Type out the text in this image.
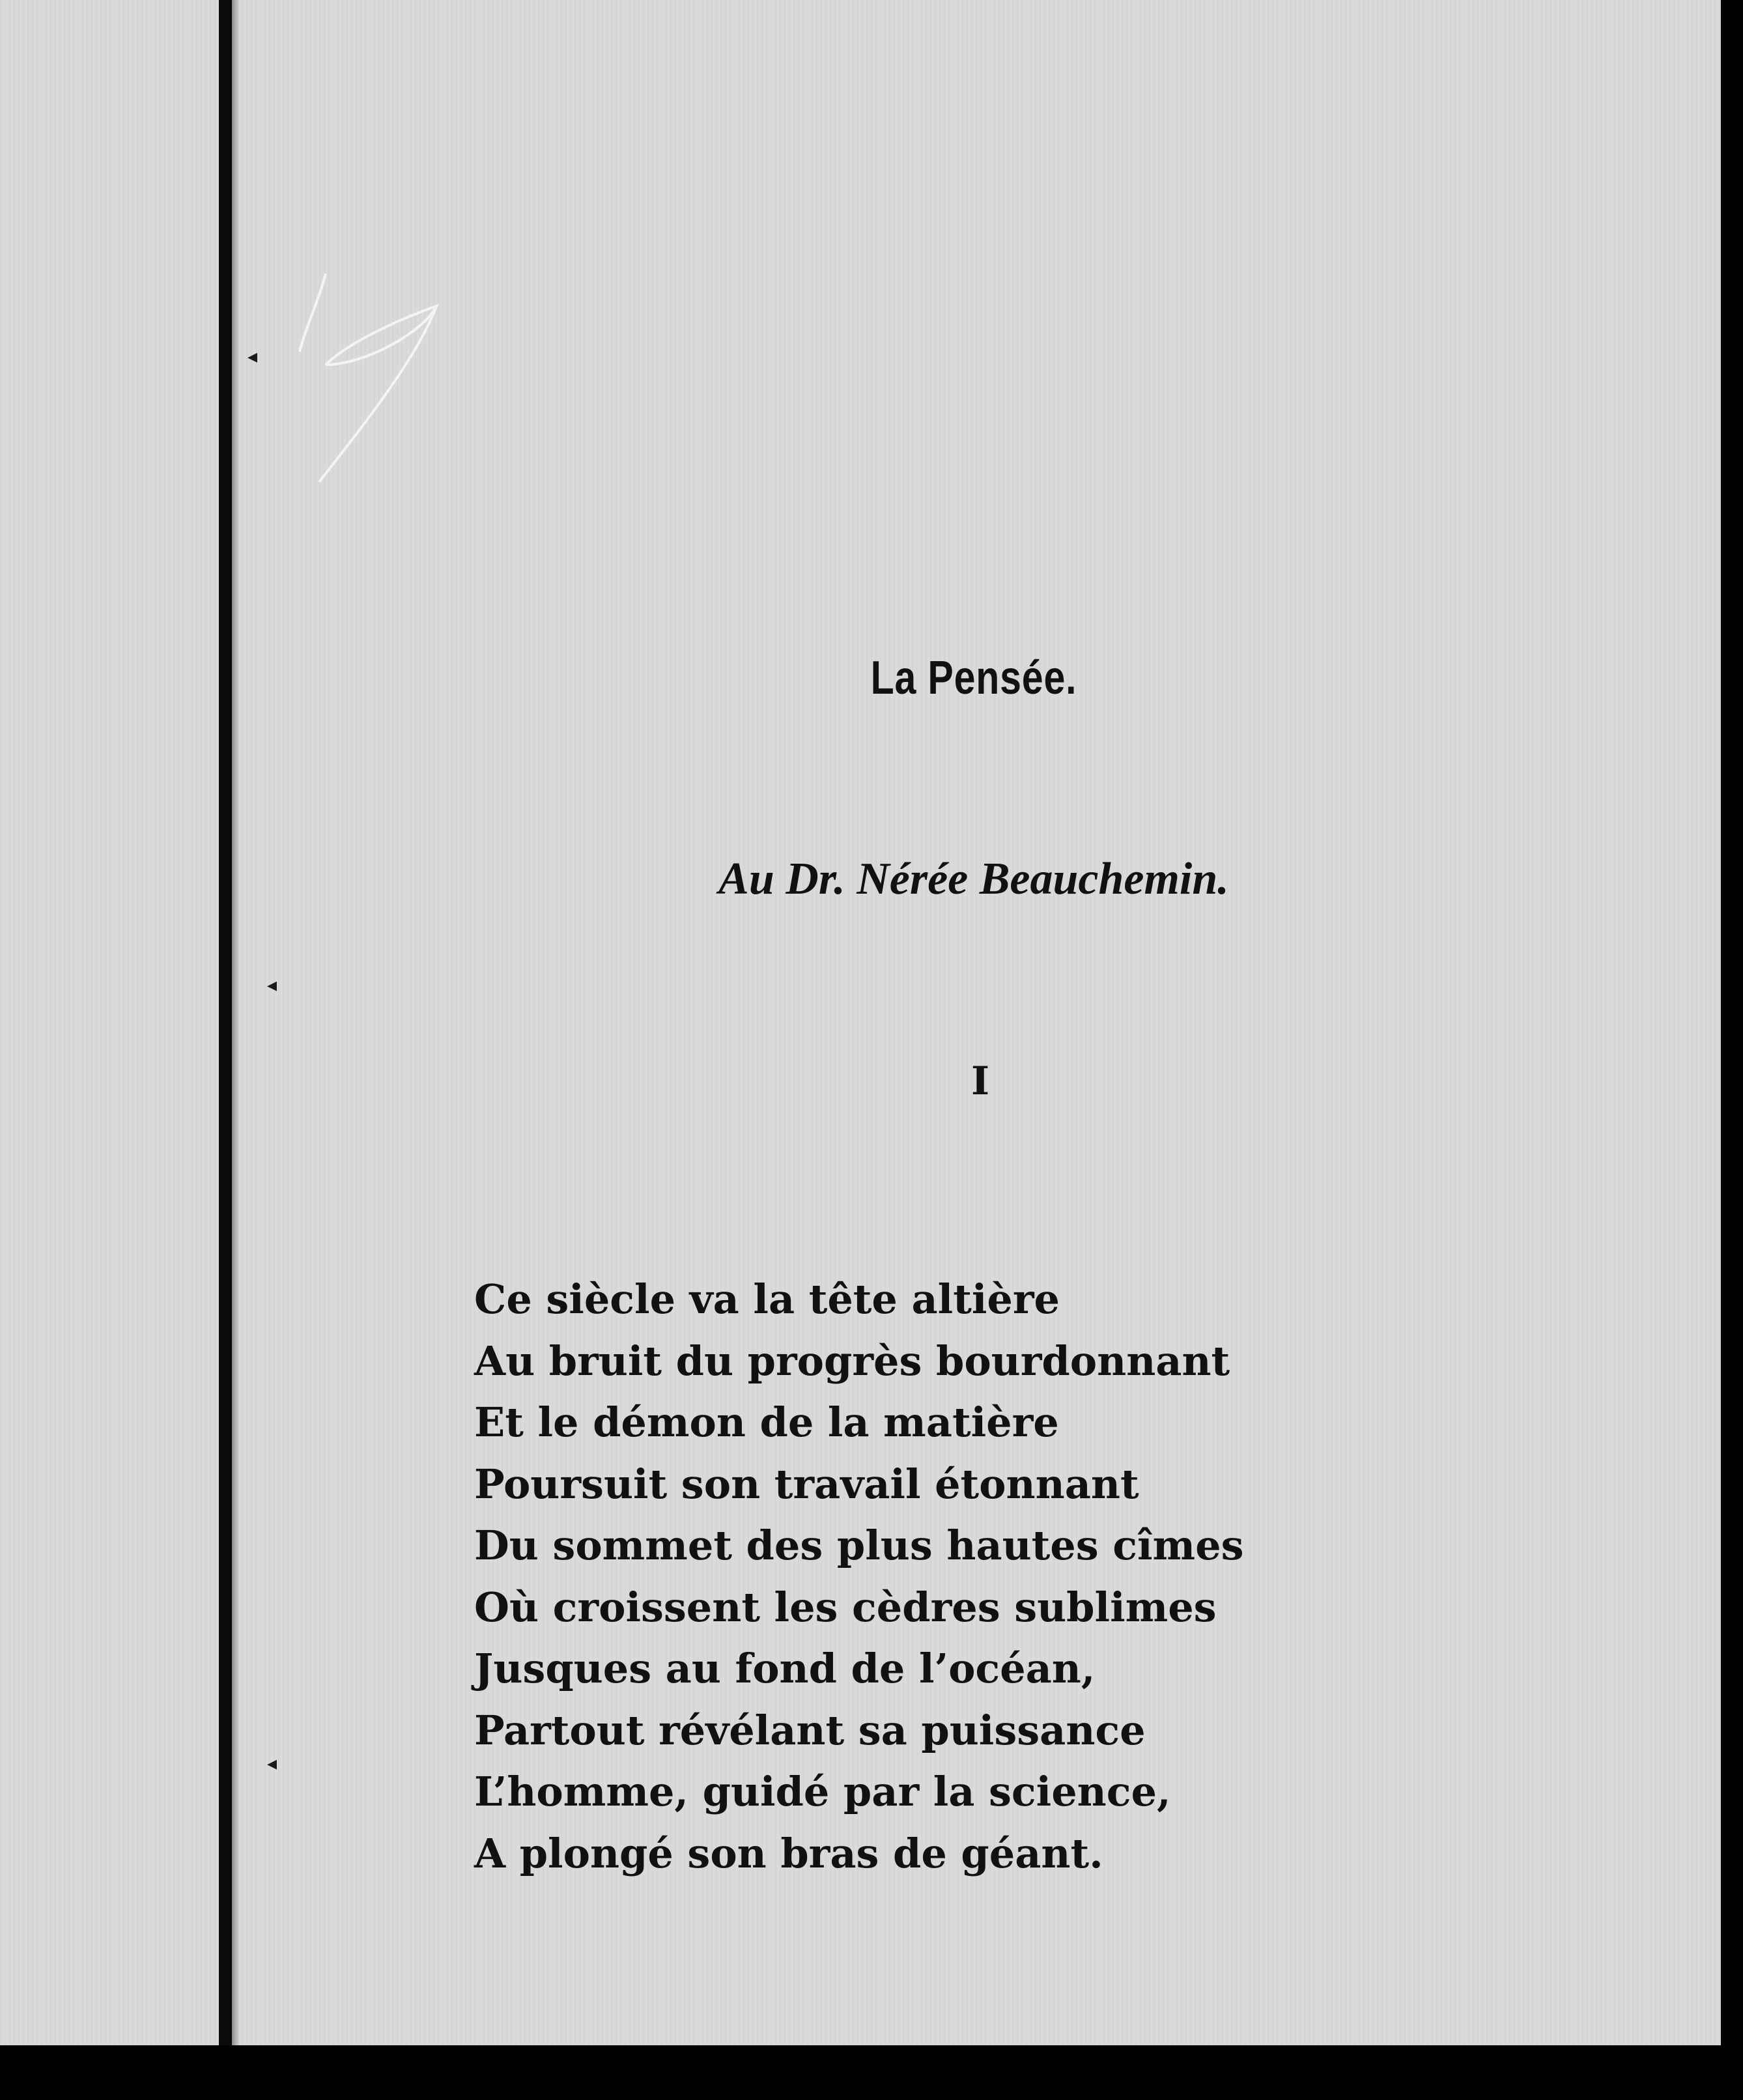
◂
◂
◂
La Pensée.
Au Dr. Nérée Beauchemin.
I
Ce siècle va la tête altière
Au bruit du progrès bourdonnant
Et le démon de la matière
Poursuit son travail étonnant
Du sommet des plus hautes cîmes
Où croissent les cèdres sublimes
Jusques au fond de l’océan,
Partout révélant sa puissance
L’homme, guidé par la science,
A plongé son bras de géant.
